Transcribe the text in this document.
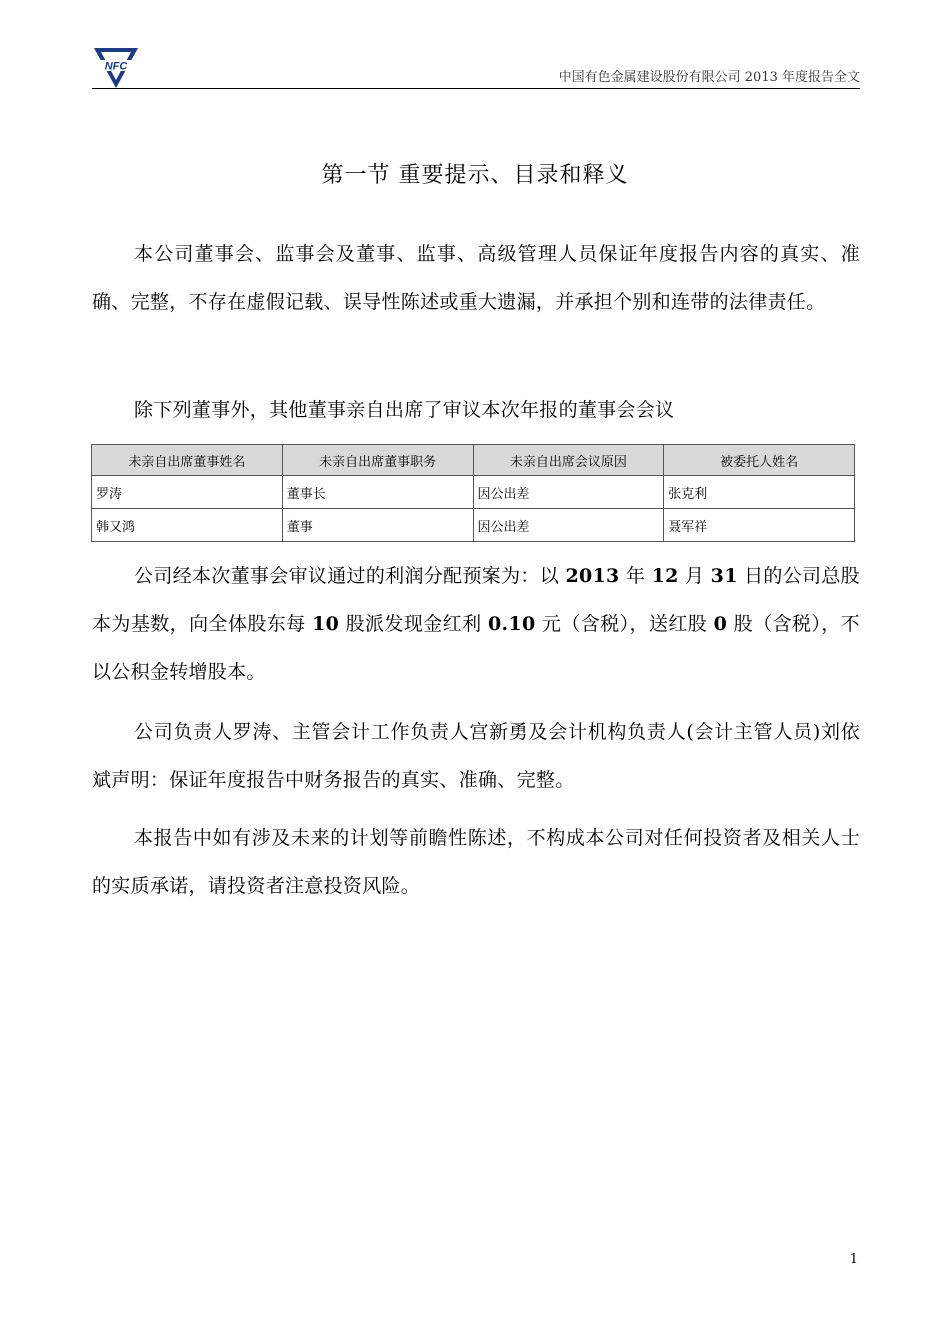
NFC
中国有色金属建设股份有限公司 2013 年度报告全文
第一节 重要提示、目录和释义

本公司董事会、监事会及董事、监事、高级管理人员保证年度报告内容的真实、准确、完整，不存在虚假记载、误导性陈述或重大遗漏，并承担个别和连带的法律责任。

除下列董事外，其他董事亲自出席了审议本次年报的董事会会议

未亲自出席董事姓名	未亲自出席董事职务	未亲自出席会议原因	被委托人姓名
罗涛	董事长	因公出差	张克利
韩又鸿	董事	因公出差	聂军祥

公司经本次董事会审议通过的利润分配预案为：以 2013 年 12 月 31 日的公司总股本为基数，向全体股东每 10 股派发现金红利 0.10 元（含税），送红股 0 股（含税），不以公积金转增股本。

公司负责人罗涛、主管会计工作负责人宫新勇及会计机构负责人(会计主管人员)刘依斌声明：保证年度报告中财务报告的真实、准确、完整。

本报告中如有涉及未来的计划等前瞻性陈述，不构成本公司对任何投资者及相关人士的实质承诺，请投资者注意投资风险。

1
